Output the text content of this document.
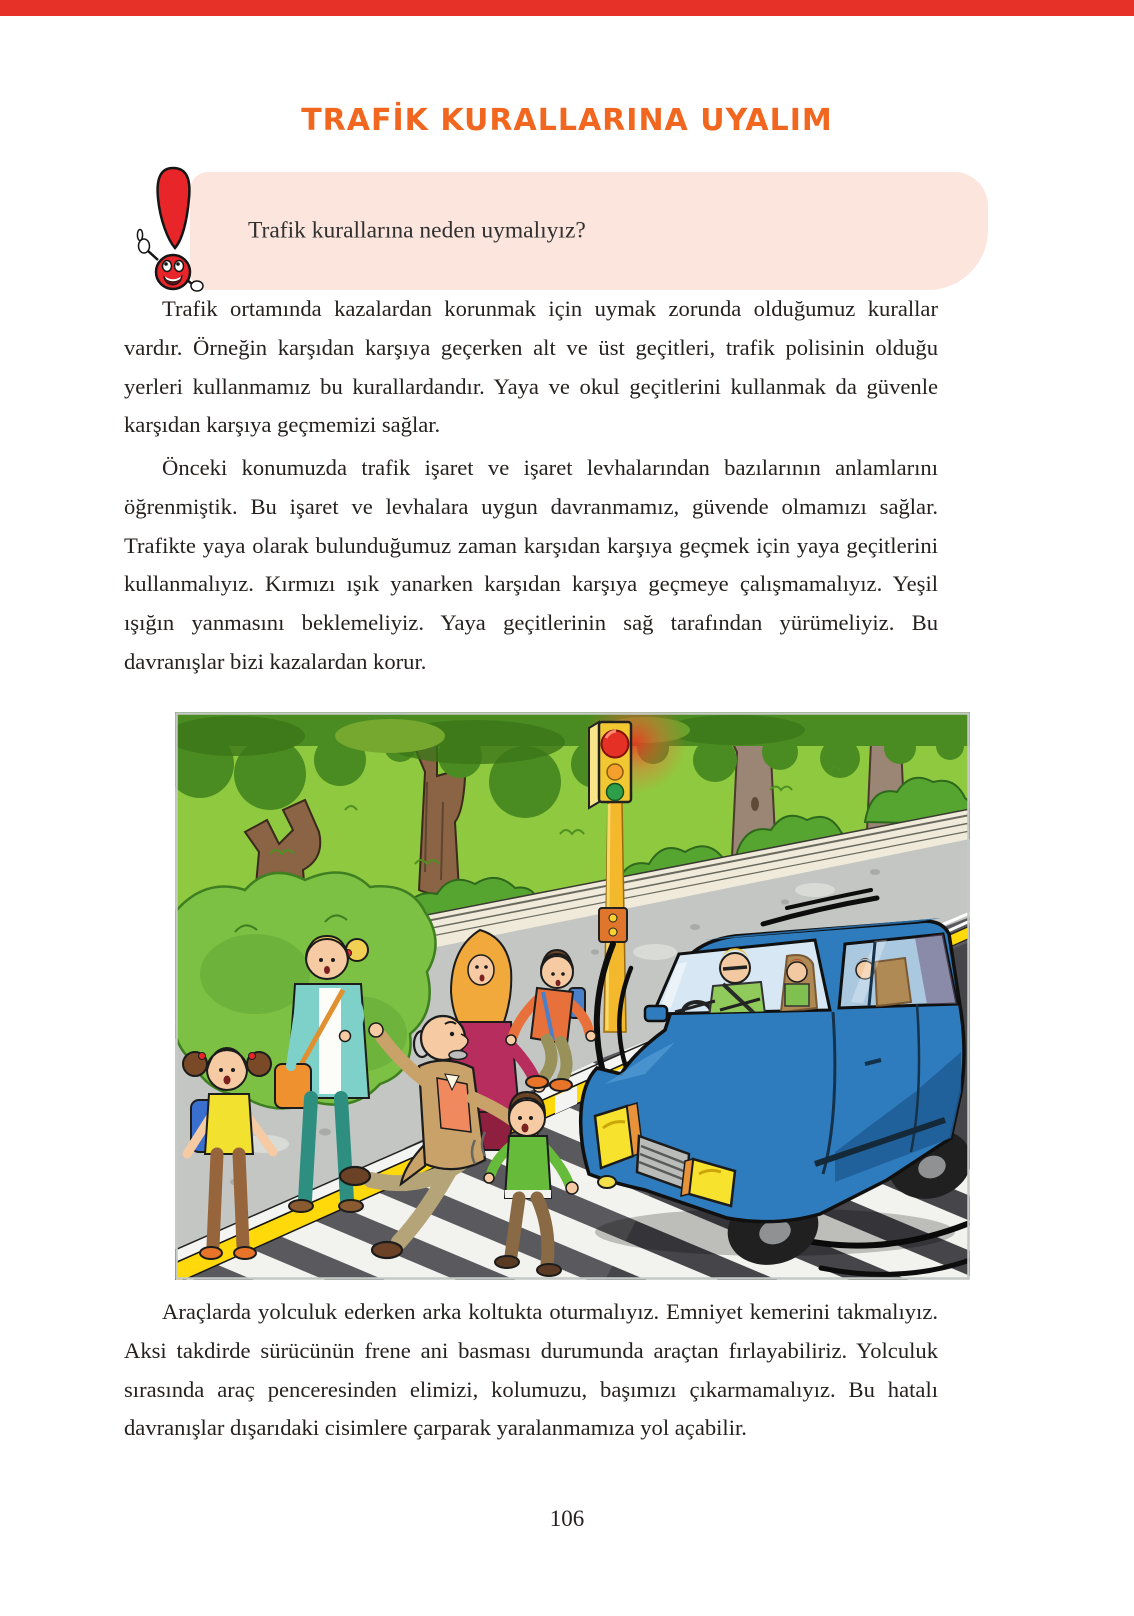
TRAFİK KURALLARINA UYALIM

Trafik kurallarına neden uymalıyız?

Trafik ortamında kazalardan korunmak için uymak zorunda olduğumuz kurallar vardır. Örneğin karşıdan karşıya geçerken alt ve üst geçitleri, trafik polisinin olduğu yerleri kullanmamız bu kurallardandır. Yaya ve okul geçitlerini kullanmak da güvenle karşıdan karşıya geçmemizi sağlar.

Önceki konumuzda trafik işaret ve işaret levhalarından bazılarının anlamlarını öğrenmiştik. Bu işaret ve levhalara uygun davranmamız, güvende olmamızı sağlar. Trafikte yaya olarak bulunduğumuz zaman karşıdan karşıya geçmek için yaya geçitlerini kullanmalıyız. Kırmızı ışık yanarken karşıdan karşıya geçmeye çalışmamalıyız. Yeşil ışığın yanmasını beklemeliyiz. Yaya geçitlerinin sağ tarafından yürümeliyiz. Bu davranışlar bizi kazalardan korur.

Araçlarda yolculuk ederken arka koltukta oturmalıyız. Emniyet kemerini takmalıyız. Aksi takdirde sürücünün frene ani basması durumunda araçtan fırlayabiliriz. Yolculuk sırasında araç penceresinden elimizi, kolumuzu, başımızı çıkarmamalıyız. Bu hatalı davranışlar dışarıdaki cisimlere çarparak yaralanmamıza yol açabilir.

106
